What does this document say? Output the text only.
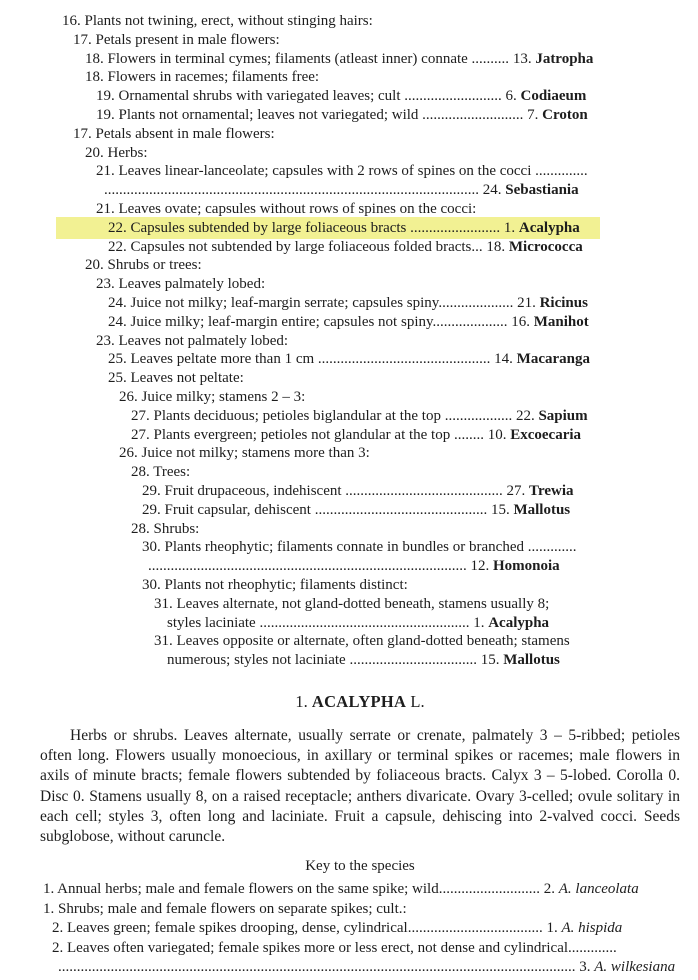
16. Plants not twining, erect, without stinging hairs:
17. Petals present in male flowers:
18. Flowers in terminal cymes; filaments (atleast inner) connate .......... 13. Jatropha
18. Flowers in racemes; filaments free:
19. Ornamental shrubs with variegated leaves; cult .......................... 6. Codiaeum
19. Plants not ornamental; leaves not variegated; wild ........................... 7. Croton
17. Petals absent in male flowers:
20. Herbs:
21. Leaves linear-lanceolate; capsules with 2 rows of spines on the cocci ..............
.................................................................................................... 24. Sebastiania
21. Leaves ovate; capsules without rows of spines on the cocci:
22. Capsules subtended by large foliaceous bracts ........................ 1. Acalypha
22. Capsules not subtended by large foliaceous folded bracts... 18. Micrococca
20. Shrubs or trees:
23. Leaves palmately lobed:
24. Juice not milky; leaf-margin serrate; capsules spiny.................... 21. Ricinus
24. Juice milky; leaf-margin entire; capsules not spiny.................... 16. Manihot
23. Leaves not palmately lobed:
25. Leaves peltate more than 1 cm .............................................. 14. Macaranga
25. Leaves not peltate:
26. Juice milky; stamens 2 – 3:
27. Plants deciduous; petioles biglandular at the top .................. 22. Sapium
27. Plants evergreen; petioles not glandular at the top ........ 10. Excoecaria
26. Juice not milky; stamens more than 3:
28. Trees:
29. Fruit drupaceous, indehiscent .......................................... 27. Trewia
29. Fruit capsular, dehiscent .............................................. 15. Mallotus
28. Shrubs:
30. Plants rheophytic; filaments connate in bundles or branched .............
..................................................................................... 12. Homonoia
30. Plants not rheophytic; filaments distinct:
31. Leaves alternate, not gland-dotted beneath, stamens usually 8;
styles laciniate ........................................................ 1. Acalypha
31. Leaves opposite or alternate, often gland-dotted beneath; stamens
numerous; styles not laciniate .................................. 15. Mallotus
1. ACALYPHA L.

Herbs or shrubs. Leaves alternate, usually serrate or crenate, palmately 3 – 5-ribbed; petioles often long. Flowers usually monoecious, in axillary or terminal spikes or racemes; male flowers in axils of minute bracts; female flowers subtended by foliaceous bracts. Calyx 3 – 5-lobed. Corolla 0. Disc 0. Stamens usually 8, on a raised receptacle; anthers divaricate. Ovary 3-celled; ovule solitary in each cell; styles 3, often long and laciniate. Fruit a capsule, dehiscing into 2-valved cocci. Seeds subglobose, without caruncle.

Key to the species
1. Annual herbs; male and female flowers on the same spike; wild........................... 2. A. lanceolata
1. Shrubs; male and female flowers on separate spikes; cult.:
2. Leaves green; female spikes drooping, dense, cylindrical.................................... 1. A. hispida
2. Leaves often variegated; female spikes more or less erect, not dense and cylindrical.............
.......................................................................................................................................... 3. A. wilkesiana
